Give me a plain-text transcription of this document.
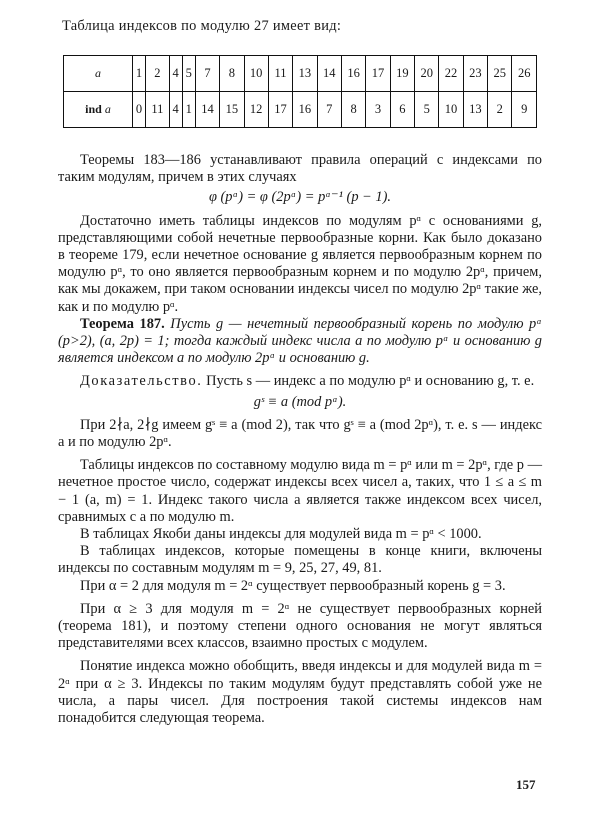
Таблица индексов по модулю 27 имеет вид:
a	1	2	4	5	7	8	10	11	13	14	16	17	19	20	22	23	25	26
ind a	0	11	4	1	14	15	12	17	16	7	8	3	6	5	10	13	2	9

Теоремы 183—186 устанавливают правила операций с индексами по таким модулям, причем в этих случаях

φ (pᵅ) = φ (2pᵅ) = pᵅ⁻¹ (p − 1).

Достаточно иметь таблицы индексов по модулям pᵅ с основаниями g, представляющими собой нечетные первообразные корни. Как было доказано в теореме 179, если нечетное основание g является первообразным корнем по модулю pᵅ, то оно является первообразным корнем и по модулю 2pᵅ, причем, как мы докажем, при таком основании индексы чисел по модулю 2pᵅ такие же, как и по модулю pᵅ.

Теорема 187. Пусть g — нечетный первообразный корень по модулю pᵅ (p>2), (a, 2p) = 1; тогда каждый индекс числа a по модулю pᵅ и основанию g является индексом a по модулю 2pᵅ и основанию g.

Доказательство. Пусть s — индекс a по модулю pᵅ и основанию g, т. е.

gˢ ≡ a (mod pᵅ).

При 2∤a, 2∤g имеем gˢ ≡ a (mod 2), так что gˢ ≡ a (mod 2pᵅ), т. е. s — индекс a и по модулю 2pᵅ.

Таблицы индексов по составному модулю вида m = pᵅ или m = 2pᵅ, где p — нечетное простое число, содержат индексы всех чисел a, таких, что 1 ≤ a ≤ m − 1 (a, m) = 1. Индекс такого числа a является также индексом всех чисел, сравнимых с a по модулю m.

В таблицах Якоби даны индексы для модулей вида m = pᵅ < 1000.

В таблицах индексов, которые помещены в конце книги, включены индексы по составным модулям m = 9, 25, 27, 49, 81.

При α = 2 для модуля m = 2ᵅ существует первообразный корень g = 3.

При α ≥ 3 для модуля m = 2ᵅ не существует первообразных корней (теорема 181), и поэтому степени одного основания не могут являться представителями всех классов, взаимно простых с модулем.

Понятие индекса можно обобщить, введя индексы и для модулей вида m = 2ᵅ при α ≥ 3. Индексы по таким модулям будут представлять собой уже не числа, а пары чисел. Для построения такой системы индексов нам понадобится следующая теорема.

157
